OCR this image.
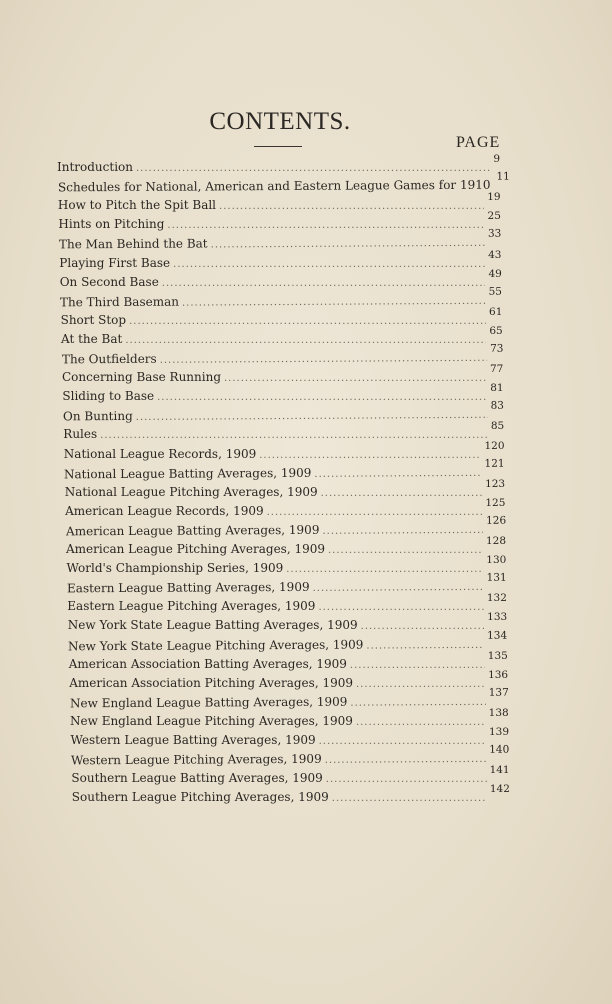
CONTENTS.
PAGE
Introduction
.....
9
Schedules for National, American and Eastern League Games for 1910
.....
11
How to Pitch the Spit Ball
.....
19
Hints on Pitching
.....
25
The Man Behind the Bat
.....
33
Playing First Base
.....
43
On Second Base
.....
49
The Third Baseman
.....
55
Short Stop
.....
61
At the Bat
.....
65
The Outfielders
.....
73
Concerning Base Running
.....
77
Sliding to Base
.....
81
On Bunting
.....
83
Rules
.....
85
National League Records, 1909
.....
120
National League Batting Averages, 1909
.....
121
National League Pitching Averages, 1909
.....
123
American League Records, 1909
.....
125
American League Batting Averages, 1909
.....
126
American League Pitching Averages, 1909
.....
128
World's Championship Series, 1909
.....
130
Eastern League Batting Averages, 1909
.....
131
Eastern League Pitching Averages, 1909
.....
132
New York State League Batting Averages, 1909
.....
133
New York State League Pitching Averages, 1909
.....
134
American Association Batting Averages, 1909
.....
135
American Association Pitching Averages, 1909
.....
136
New England League Batting Averages, 1909
.....
137
New England League Pitching Averages, 1909
.....
138
Western League Batting Averages, 1909
.....
139
Western League Pitching Averages, 1909
.....
140
Southern League Batting Averages, 1909
.....
141
Southern League Pitching Averages, 1909
.....
142
